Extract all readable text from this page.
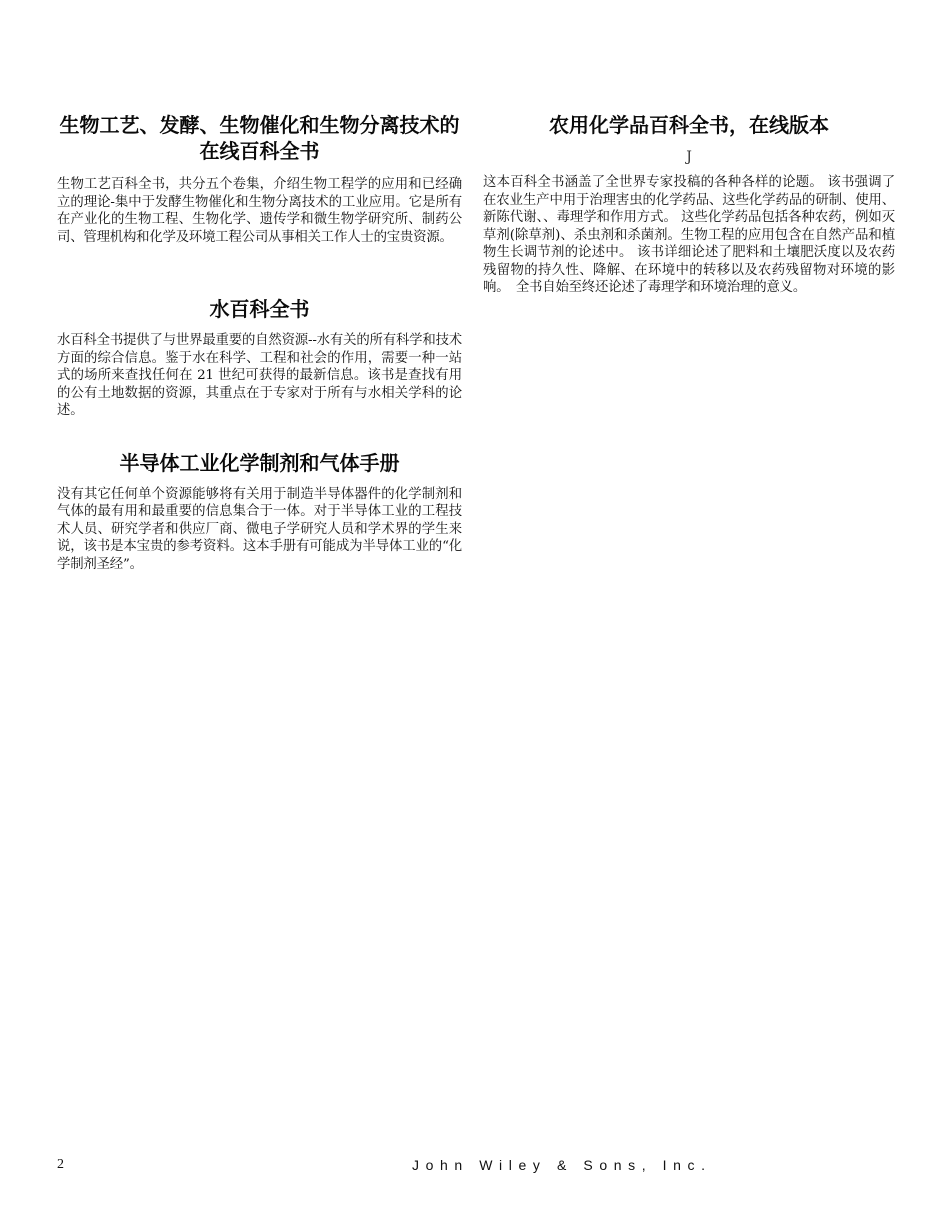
生物工艺、发酵、生物催化和生物分离技术的在线百科全书

生物工艺百科全书，共分五个卷集，介绍生物工程学的应用和已经确立的理论-集中于发酵生物催化和生物分离技术的工业应用。它是所有在产业化的生物工程、生物化学、遗传学和微生物学研究所、制药公司、管理机构和化学及环境工程公司从事相关工作人士的宝贵资源。

水百科全书

水百科全书提供了与世界最重要的自然资源--水有关的所有科学和技术方面的综合信息。鉴于水在科学、工程和社会的作用，需要一种一站式的场所来查找任何在 21 世纪可获得的最新信息。该书是查找有用的公有土地数据的资源，其重点在于专家对于所有与水相关学科的论述。

半导体工业化学制剂和气体手册

没有其它任何单个资源能够将有关用于制造半导体器件的化学制剂和气体的最有用和最重要的信息集合于一体。对于半导体工业的工程技术人员、研究学者和供应厂商、微电子学研究人员和学术界的学生来说，该书是本宝贵的参考资料。这本手册有可能成为半导体工业的“化学制剂圣经”。

农用化学品百科全书，在线版本
J

这本百科全书涵盖了全世界专家投稿的各种各样的论题。 该书强调了在农业生产中用于治理害虫的化学药品、这些化学药品的研制、使用、新陈代谢、、毒理学和作用方式。 这些化学药品包括各种农药，例如灭草剂(除草剂)、杀虫剂和杀菌剂。生物工程的应用包含在自然产品和植物生长调节剂的论述中。 该书详细论述了肥料和土壤肥沃度以及农药残留物的持久性、降解、在环境中的转移以及农药残留物对环境的影响。　全书自始至终还论述了毒理学和环境治理的意义。

2	John Wiley & Sons, Inc.
